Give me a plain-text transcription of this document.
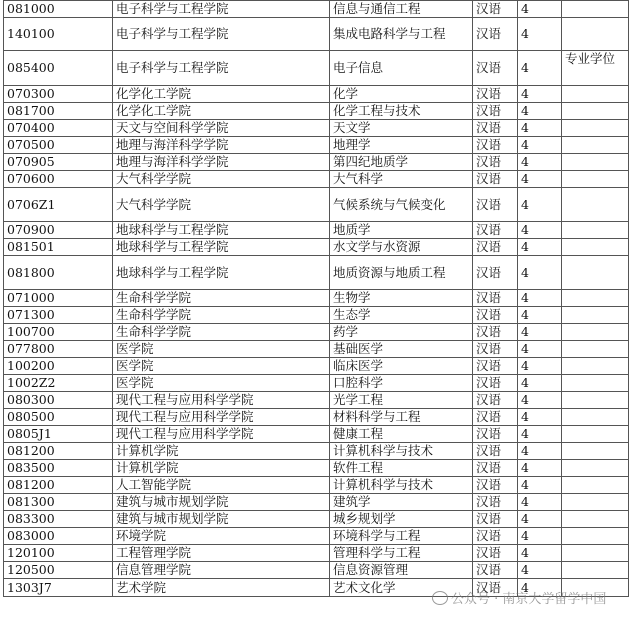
081000	电子科学与工程学院	信息与通信工程	汉语	4	
140100	电子科学与工程学院	集成电路科学与工程	汉语	4	
085400	电子科学与工程学院	电子信息	汉语	4	专业学位
070300	化学化工学院	化学	汉语	4	
081700	化学化工学院	化学工程与技术	汉语	4	
070400	天文与空间科学学院	天文学	汉语	4	
070500	地理与海洋科学学院	地理学	汉语	4	
070905	地理与海洋科学学院	第四纪地质学	汉语	4	
070600	大气科学学院	大气科学	汉语	4	
0706Z1	大气科学学院	气候系统与气候变化	汉语	4	
070900	地球科学与工程学院	地质学	汉语	4	
081501	地球科学与工程学院	水文学与水资源	汉语	4	
081800	地球科学与工程学院	地质资源与地质工程	汉语	4	
071000	生命科学学院	生物学	汉语	4	
071300	生命科学学院	生态学	汉语	4	
100700	生命科学学院	药学	汉语	4	
077800	医学院	基础医学	汉语	4	
100200	医学院	临床医学	汉语	4	
1002Z2	医学院	口腔科学	汉语	4	
080300	现代工程与应用科学学院	光学工程	汉语	4	
080500	现代工程与应用科学学院	材料科学与工程	汉语	4	
0805J1	现代工程与应用科学学院	健康工程	汉语	4	
081200	计算机学院	计算机科学与技术	汉语	4	
083500	计算机学院	软件工程	汉语	4	
081200	人工智能学院	计算机科学与技术	汉语	4	
081300	建筑与城市规划学院	建筑学	汉语	4	
083300	建筑与城市规划学院	城乡规划学	汉语	4	
083000	环境学院	环境科学与工程	汉语	4	
120100	工程管理学院	管理科学与工程	汉语	4	
120500	信息管理学院	信息资源管理	汉语	4	
1303J7	艺术学院	艺术文化学	汉语	4	
公众号 · 南京大学留学中国
